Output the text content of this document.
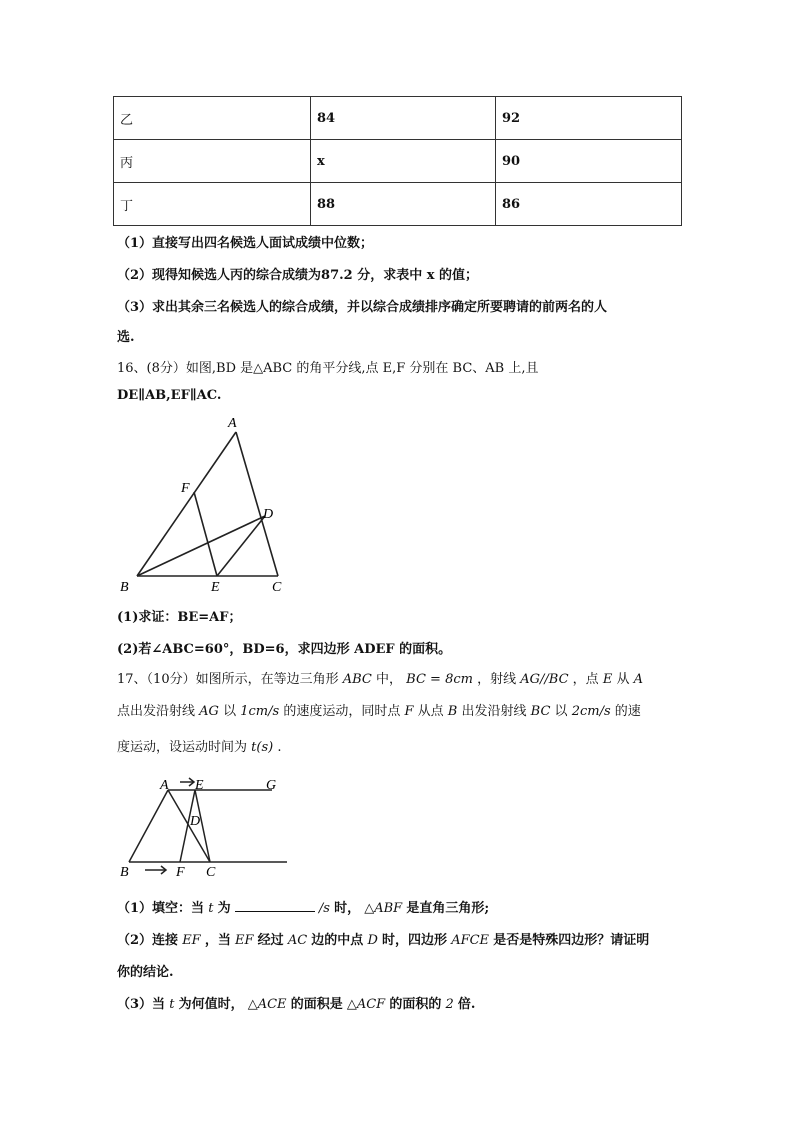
乙	84	92
丙	x	90
丁	88	86
（1）直接写出四名候选人面试成绩中位数；
（2）现得知候选人丙的综合成绩为87.2 分，求表中 x 的值；
（3）求出其余三名候选人的综合成绩，并以综合成绩排序确定所要聘请的前两名的人
选.
16、(8分）如图,BD 是△ABC 的角平分线,点 E,F 分别在 BC、AB 上,且
DE∥AB,EF∥AC.
A
B	C
D
E
F
(1)求证：BE=AF；
(2)若∠ABC=60°，BD=6，求四边形 ADEF 的面积。
17、（10分）如图所示，在等边三角形 ABC 中， BC = 8cm ，射线 AG//BC ，点 E 从 A
点出发沿射线 AG 以 1cm/s 的速度运动，同时点 F 从点 B 出发沿射线 BC 以 2cm/s 的速
度运动，设运动时间为 t(s) .
A E	G
D
B	F C
（1）填空：当 t 为	/s 时， △ABF 是直角三角形;
（2）连接 EF ，当 EF 经过 AC 边的中点 D 时，四边形 AFCE 是否是特殊四边形？请证明
你的结论.
（3）当 t 为何值时， △ACE 的面积是 △ACF 的面积的 2 倍.
